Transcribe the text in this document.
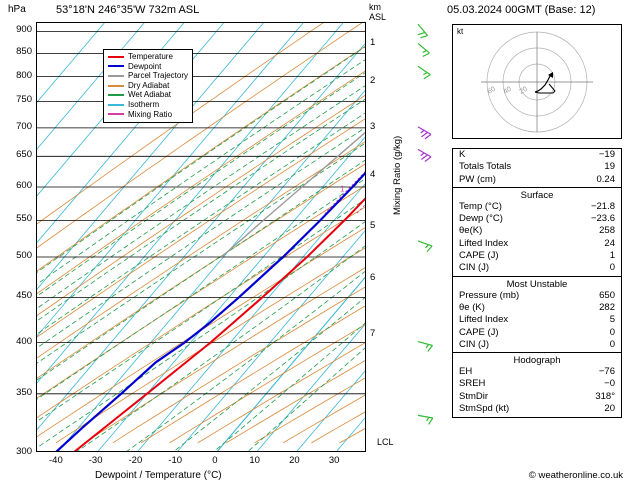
hPa	53°18'N 246°35'W 732m ASL	km
ASL
05.03.2024 00GMT (Base: 12)
1
Temperature
Dewpoint
Parcel Trajectory
Dry Adiabat
Wet Adiabat
Isotherm
Mixing Ratio
300
350
400
450
500
550
600
650
700
750
800
850
900
-40	-30	-20	-10	0	10	20	30
1
2
3
4
5
6
7
Dewpoint / Temperature (°C)
Mixing Ratio (g/kg)
LCL
kt
20
40
60
K	−19
Totals Totals	19
PW (cm)	0.24
Surface
Temp (°C)	−21.8
Dewp (°C)	−23.6
θe(K)	258
Lifted Index	24
CAPE (J)	1
CIN (J)	0
Most Unstable
Pressure (mb)	650
θe (K)	282
Lifted Index	5
CAPE (J)	0
CIN (J)	0
Hodograph
EH	−76
SREH	−0
StmDir	318°
StmSpd (kt)	20
© weatheronline.co.uk
